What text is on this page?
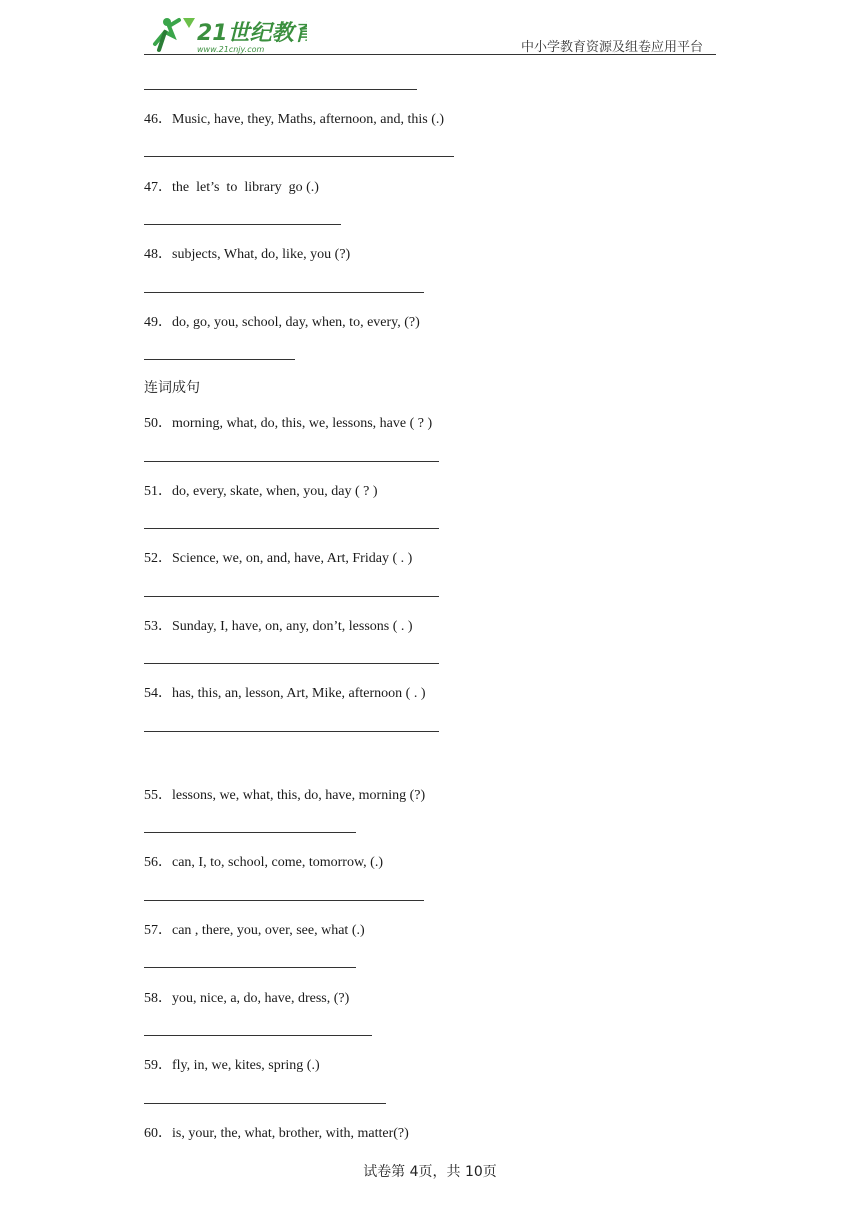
21世纪教育
www.21cnjy.com	中小学教育资源及组卷应用平台
46．Music, have, they, Maths, afternoon, and, this (.)
47．the  let’s  to  library  go (.)
48．subjects, What, do, like, you (?)
49．do, go, you, school, day, when, to, every, (?)
连词成句
50．morning, what, do, this, we, lessons, have ( ? )
51．do, every, skate, when, you, day ( ? )
52．Science, we, on, and, have, Art, Friday ( . )
53．Sunday, I, have, on, any, don’t, lessons ( . )
54．has, this, an, lesson, Art, Mike, afternoon ( . )
55．lessons, we, what, this, do, have, morning (?)
56．can, I, to, school, come, tomorrow, (.)
57．can , there, you, over, see, what (.)
58．you, nice, a, do, have, dress, (?)
59．fly, in, we, kites, spring (.)
60．is, your, the, what, brother, with, matter(?)
试卷第 4页，共 10页
